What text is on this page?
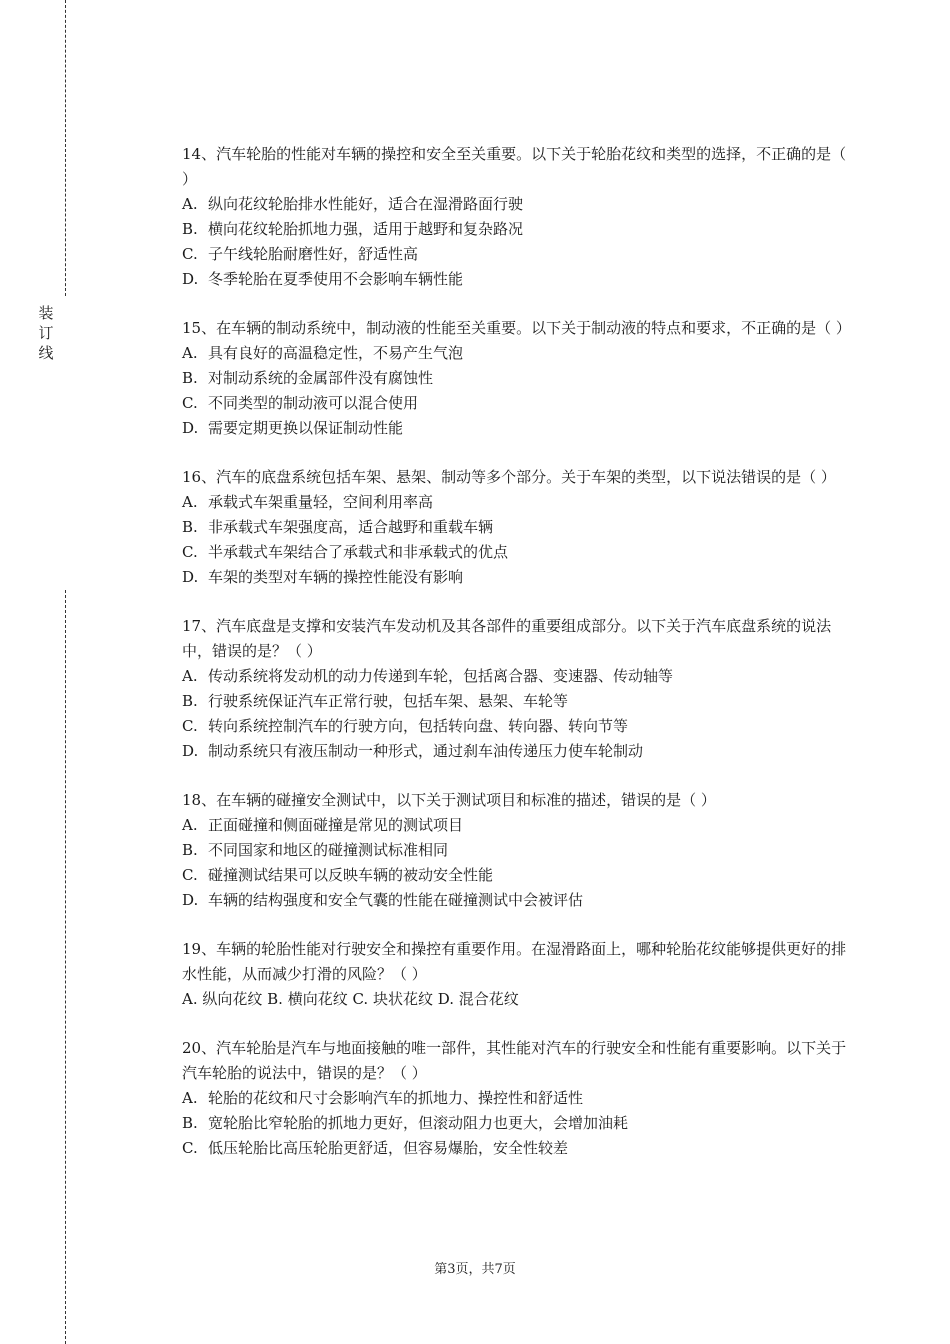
装
订
线

14、汽车轮胎的性能对车辆的操控和安全至关重要。以下关于轮胎花纹和类型的选择，不正确的是（ ）

A. 纵向花纹轮胎排水性能好，适合在湿滑路面行驶

B. 横向花纹轮胎抓地力强，适用于越野和复杂路况

C. 子午线轮胎耐磨性好，舒适性高

D. 冬季轮胎在夏季使用不会影响车辆性能

15、在车辆的制动系统中，制动液的性能至关重要。以下关于制动液的特点和要求，不正确的是（ ）

A. 具有良好的高温稳定性，不易产生气泡

B. 对制动系统的金属部件没有腐蚀性

C. 不同类型的制动液可以混合使用

D. 需要定期更换以保证制动性能

16、汽车的底盘系统包括车架、悬架、制动等多个部分。关于车架的类型，以下说法错误的是（ ）

A. 承载式车架重量轻，空间利用率高

B. 非承载式车架强度高，适合越野和重载车辆

C. 半承载式车架结合了承载式和非承载式的优点

D. 车架的类型对车辆的操控性能没有影响

17、汽车底盘是支撑和安装汽车发动机及其各部件的重要组成部分。以下关于汽车底盘系统的说法中，错误的是？（ ）

A. 传动系统将发动机的动力传递到车轮，包括离合器、变速器、传动轴等

B. 行驶系统保证汽车正常行驶，包括车架、悬架、车轮等

C. 转向系统控制汽车的行驶方向，包括转向盘、转向器、转向节等

D. 制动系统只有液压制动一种形式，通过刹车油传递压力使车轮制动

18、在车辆的碰撞安全测试中，以下关于测试项目和标准的描述，错误的是（ ）

A. 正面碰撞和侧面碰撞是常见的测试项目

B. 不同国家和地区的碰撞测试标准相同

C. 碰撞测试结果可以反映车辆的被动安全性能

D. 车辆的结构强度和安全气囊的性能在碰撞测试中会被评估

19、车辆的轮胎性能对行驶安全和操控有重要作用。在湿滑路面上，哪种轮胎花纹能够提供更好的排水性能，从而减少打滑的风险？（ ）

A. 纵向花纹 B. 横向花纹 C. 块状花纹 D. 混合花纹

20、汽车轮胎是汽车与地面接触的唯一部件，其性能对汽车的行驶安全和性能有重要影响。以下关于汽车轮胎的说法中，错误的是？（ ）

A. 轮胎的花纹和尺寸会影响汽车的抓地力、操控性和舒适性

B. 宽轮胎比窄轮胎的抓地力更好，但滚动阻力也更大，会增加油耗

C. 低压轮胎比高压轮胎更舒适，但容易爆胎，安全性较差

第3页，共7页
